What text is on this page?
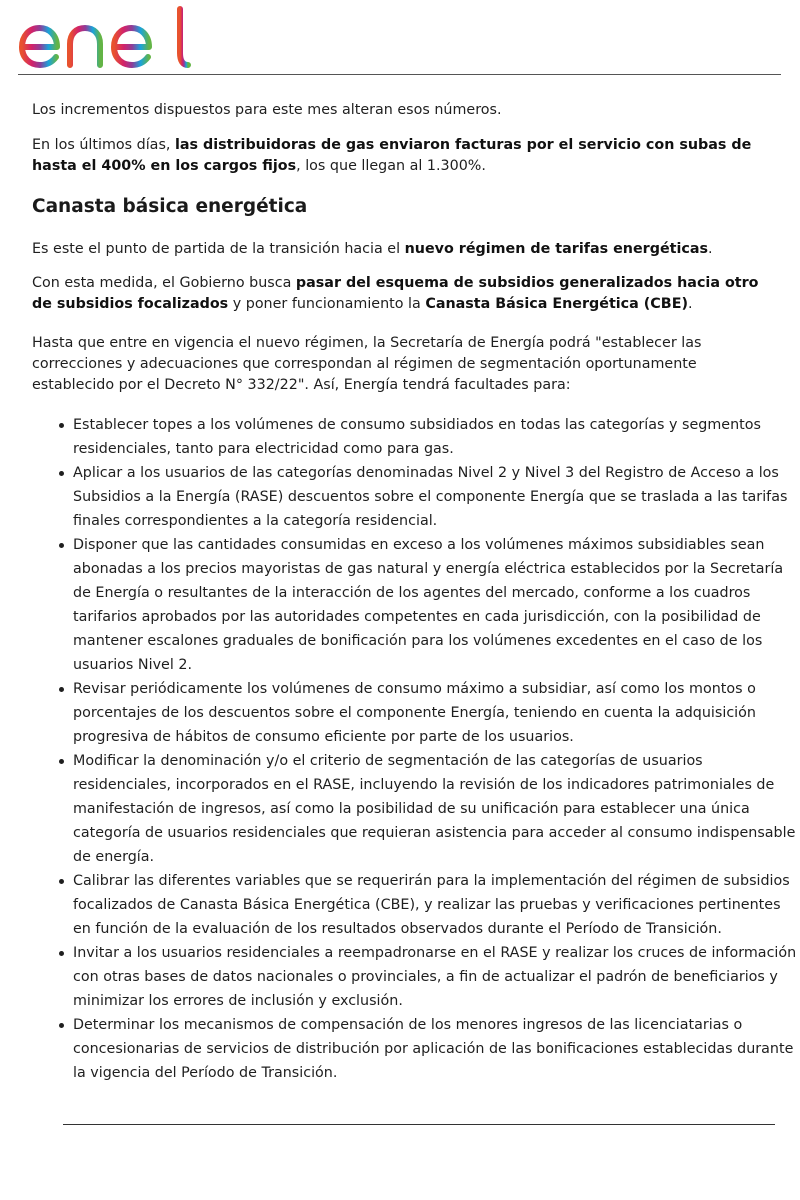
Los incrementos dispuestos para este mes alteran esos números.

En los últimos días, las distribuidoras de gas enviaron facturas por el servicio con subas de hasta el 400% en los cargos fijos, los que llegan al 1.300%.

Canasta básica energética

Es este el punto de partida de la transición hacia el nuevo régimen de tarifas energéticas.

Con esta medida, el Gobierno busca pasar del esquema de subsidios generalizados hacia otro de subsidios focalizados y poner funcionamiento la Canasta Básica Energética (CBE).

Hasta que entre en vigencia el nuevo régimen, la Secretaría de Energía podrá "establecer las correcciones y adecuaciones que correspondan al régimen de segmentación oportunamente establecido por el Decreto N° 332/22". Así, Energía tendrá facultades para:

Establecer topes a los volúmenes de consumo subsidiados en todas las categorías y segmentos residenciales, tanto para electricidad como para gas.
Aplicar a los usuarios de las categorías denominadas Nivel 2 y Nivel 3 del Registro de Acceso a los Subsidios a la Energía (RASE) descuentos sobre el componente Energía que se traslada a las tarifas finales correspondientes a la categoría residencial.
Disponer que las cantidades consumidas en exceso a los volúmenes máximos subsidiables sean abonadas a los precios mayoristas de gas natural y energía eléctrica establecidos por la Secretaría de Energía o resultantes de la interacción de los agentes del mercado, conforme a los cuadros tarifarios aprobados por las autoridades competentes en cada jurisdicción, con la posibilidad de mantener escalones graduales de bonificación para los volúmenes excedentes en el caso de los usuarios Nivel 2.
Revisar periódicamente los volúmenes de consumo máximo a subsidiar, así como los montos o porcentajes de los descuentos sobre el componente Energía, teniendo en cuenta la adquisición progresiva de hábitos de consumo eficiente por parte de los usuarios.
Modificar la denominación y/o el criterio de segmentación de las categorías de usuarios residenciales, incorporados en el RASE, incluyendo la revisión de los indicadores patrimoniales de manifestación de ingresos, así como la posibilidad de su unificación para establecer una única categoría de usuarios residenciales que requieran asistencia para acceder al consumo indispensable de energía.
Calibrar las diferentes variables que se requerirán para la implementación del régimen de subsidios focalizados de Canasta Básica Energética (CBE), y realizar las pruebas y verificaciones pertinentes en función de la evaluación de los resultados observados durante el Período de Transición.
Invitar a los usuarios residenciales a reempadronarse en el RASE y realizar los cruces de información con otras bases de datos nacionales o provinciales, a fin de actualizar el padrón de beneficiarios y minimizar los errores de inclusión y exclusión.
Determinar los mecanismos de compensación de los menores ingresos de las licenciatarias o concesionarias de servicios de distribución por aplicación de las bonificaciones establecidas durante la vigencia del Período de Transición.
